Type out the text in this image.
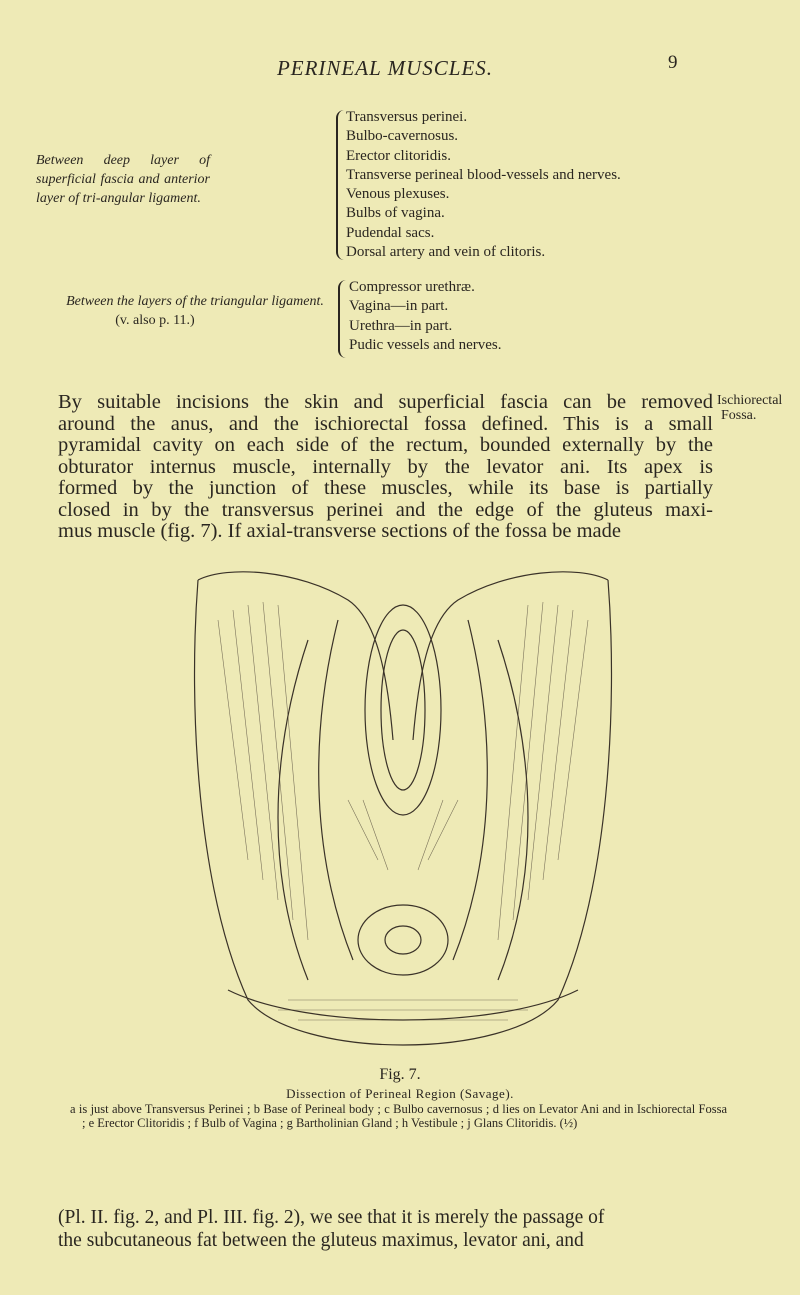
PERINEAL MUSCLES.	9
Between deep layer of superficial fascia and anterior layer of tri-angular ligament.
Transversus perinei.
Bulbo-cavernosus.
Erector clitoridis.
Transverse perineal blood-vessels and nerves.
Venous plexuses.
Bulbs of vagina.
Pudendal sacs.
Dorsal artery and vein of clitoris.
Between the layers of the triangular ligament.
(v. also p. 11.)
Compressor urethræ.
Vagina—in part.
Urethra—in part.
Pudic vessels and nerves.
By suitable incisions the skin and superficial fascia can be removed
around the anus, and the ischiorectal fossa defined. This is a small
pyramidal cavity on each side of the rectum, bounded externally by the
obturator internus muscle, internally by the levator ani. Its apex is
formed by the junction of these muscles, while its base is partially
closed in by the transversus perinei and the edge of the gluteus maxi-
mus muscle (fig. 7). If axial-transverse sections of the fossa be made
Ischiorectal
Fossa.
Fig. 7.
Dissection of Perineal Region (Savage).
a is just above Transversus Perinei ; b Base of Perineal body ; c Bulbo cavernosus ; d lies on Levator Ani and in Ischiorectal Fossa ; e Erector Clitoridis ; f Bulb of Vagina ; g Bartholinian Gland ; h Vestibule ; j Glans Clitoridis. (½)
(Pl. II. fig. 2, and Pl. III. fig. 2), we see that it is merely the passage of
the subcutaneous fat between the gluteus maximus, levator ani, and
